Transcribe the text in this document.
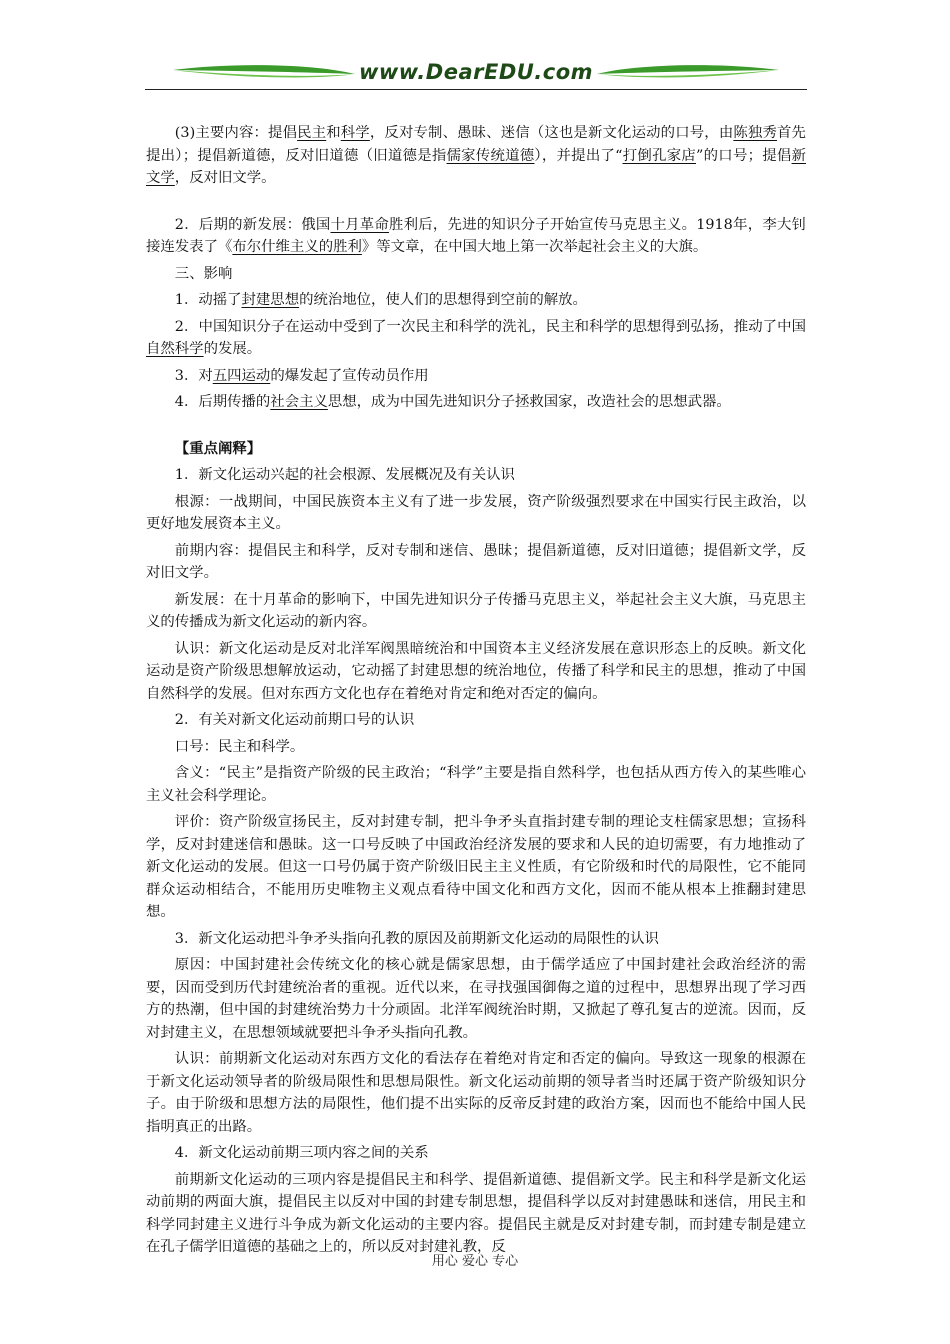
www.DearEDU.com

(3)主要内容：提倡民主和科学，反对专制、愚昧、迷信（这也是新文化运动的口号，由陈独秀首先提出）；提倡新道德，反对旧道德（旧道德是指儒家传统道德），并提出了“打倒孔家店”的口号；提倡新文学，反对旧文学。

2．后期的新发展：俄国十月革命胜利后，先进的知识分子开始宣传马克思主义。1918年，李大钊接连发表了《布尔什维主义的胜利》等文章，在中国大地上第一次举起社会主义的大旗。

三、影响

1．动摇了封建思想的统治地位，使人们的思想得到空前的解放。

2．中国知识分子在运动中受到了一次民主和科学的洗礼，民主和科学的思想得到弘扬，推动了中国自然科学的发展。

3．对五四运动的爆发起了宣传动员作用

4．后期传播的社会主义思想，成为中国先进知识分子拯救国家，改造社会的思想武器。

【重点阐释】

1．新文化运动兴起的社会根源、发展概况及有关认识

根源：一战期间，中国民族资本主义有了进一步发展，资产阶级强烈要求在中国实行民主政治，以更好地发展资本主义。

前期内容：提倡民主和科学，反对专制和迷信、愚昧；提倡新道德，反对旧道德；提倡新文学，反对旧文学。

新发展：在十月革命的影响下，中国先进知识分子传播马克思主义，举起社会主义大旗，马克思主义的传播成为新文化运动的新内容。

认识：新文化运动是反对北洋军阀黑暗统治和中国资本主义经济发展在意识形态上的反映。新文化运动是资产阶级思想解放运动，它动摇了封建思想的统治地位，传播了科学和民主的思想，推动了中国自然科学的发展。但对东西方文化也存在着绝对肯定和绝对否定的偏向。

2．有关对新文化运动前期口号的认识

口号：民主和科学。

含义：“民主”是指资产阶级的民主政治；“科学”主要是指自然科学，也包括从西方传入的某些唯心主义社会科学理论。

评价：资产阶级宣扬民主，反对封建专制，把斗争矛头直指封建专制的理论支柱儒家思想；宣扬科学，反对封建迷信和愚昧。这一口号反映了中国政治经济发展的要求和人民的迫切需要，有力地推动了新文化运动的发展。但这一口号仍属于资产阶级旧民主主义性质，有它阶级和时代的局限性，它不能同群众运动相结合，不能用历史唯物主义观点看待中国文化和西方文化，因而不能从根本上推翻封建思想。

3．新文化运动把斗争矛头指向孔教的原因及前期新文化运动的局限性的认识

原因：中国封建社会传统文化的核心就是儒家思想，由于儒学适应了中国封建社会政治经济的需要，因而受到历代封建统治者的重视。近代以来，在寻找强国御侮之道的过程中，思想界出现了学习西方的热潮，但中国的封建统治势力十分顽固。北洋军阀统治时期，又掀起了尊孔复古的逆流。因而，反对封建主义，在思想领域就要把斗争矛头指向孔教。

认识：前期新文化运动对东西方文化的看法存在着绝对肯定和否定的偏向。导致这一现象的根源在于新文化运动领导者的阶级局限性和思想局限性。新文化运动前期的领导者当时还属于资产阶级知识分子。由于阶级和思想方法的局限性，他们提不出实际的反帝反封建的政治方案，因而也不能给中国人民指明真正的出路。

4．新文化运动前期三项内容之间的关系

前期新文化运动的三项内容是提倡民主和科学、提倡新道德、提倡新文学。民主和科学是新文化运动前期的两面大旗，提倡民主以反对中国的封建专制思想，提倡科学以反对封建愚昧和迷信，用民主和科学同封建主义进行斗争成为新文化运动的主要内容。提倡民主就是反对封建专制，而封建专制是建立在孔子儒学旧道德的基础之上的，所以反对封建礼教，反

用心 爱心 专心
